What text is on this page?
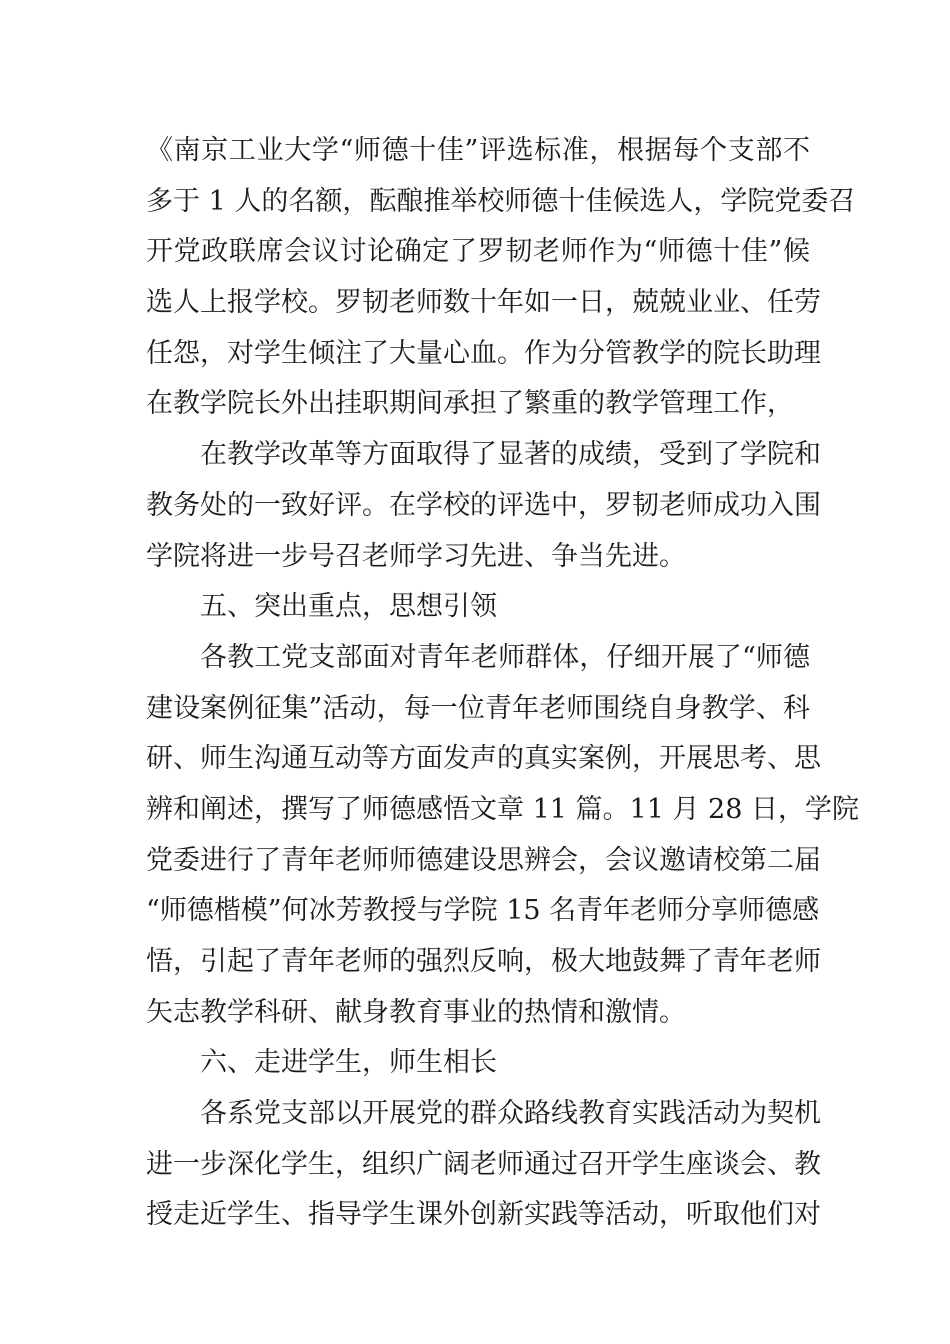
《南京工业大学“师德十佳”评选标准，根据每个支部不
多于 1 人的名额，酝酿推举校师德十佳候选人，学院党委召
开党政联席会议讨论确定了罗韧老师作为“师德十佳”候
选人上报学校。罗韧老师数十年如一日，兢兢业业、任劳
任怨，对学生倾注了大量心血。作为分管教学的院长助理
在教学院长外出挂职期间承担了繁重的教学管理工作，
在教学改革等方面取得了显著的成绩，受到了学院和
教务处的一致好评。在学校的评选中，罗韧老师成功入围
学院将进一步号召老师学习先进、争当先进。
五、突出重点，思想引领
各教工党支部面对青年老师群体，仔细开展了“师德
建设案例征集”活动，每一位青年老师围绕自身教学、科
研、师生沟通互动等方面发声的真实案例，开展思考、思
辨和阐述，撰写了师德感悟文章 11 篇。11 月 28 日，学院
党委进行了青年老师师德建设思辨会，会议邀请校第二届
“师德楷模”何冰芳教授与学院 15 名青年老师分享师德感
悟，引起了青年老师的强烈反响，极大地鼓舞了青年老师
矢志教学科研、献身教育事业的热情和激情。
六、走进学生，师生相长
各系党支部以开展党的群众路线教育实践活动为契机
进一步深化学生，组织广阔老师通过召开学生座谈会、教
授走近学生、指导学生课外创新实践等活动，听取他们对
